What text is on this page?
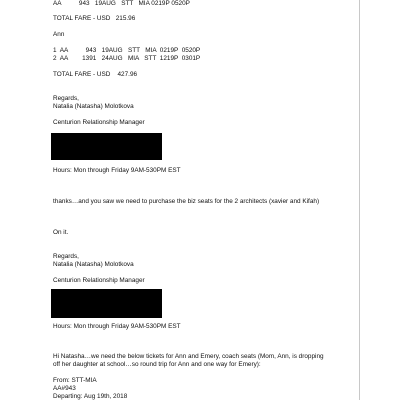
AA          943   19AUG   STT   MIA 0219P 0520P
TOTAL FARE - USD   215.96
Ann
1  AA          943   19AUG   STT   MIA  0219P  0520P
2  AA        1391   24AUG   MIA   STT  1219P  0301P
TOTAL FARE - USD    427.96
Regards,
Natalia (Natasha) Molotkova
Centurion Relationship Manager
Hours: Mon through Friday 9AM-530PM EST
thanks…and you saw we need to purchase the biz seats for the 2 architects (xavier and Kifah)
On it.
Regards,
Natalia (Natasha) Molotkova
Centurion Relationship Manager
Hours: Mon through Friday 9AM-530PM EST
Hi Natasha…we need the below tickets for Ann and Emery, coach seats (Mom, Ann, is dropping
off her daughter at school…so round trip for Ann and one way for Emery):
From: STT-MIA
AA#943
Departing: Aug 19th, 2018
